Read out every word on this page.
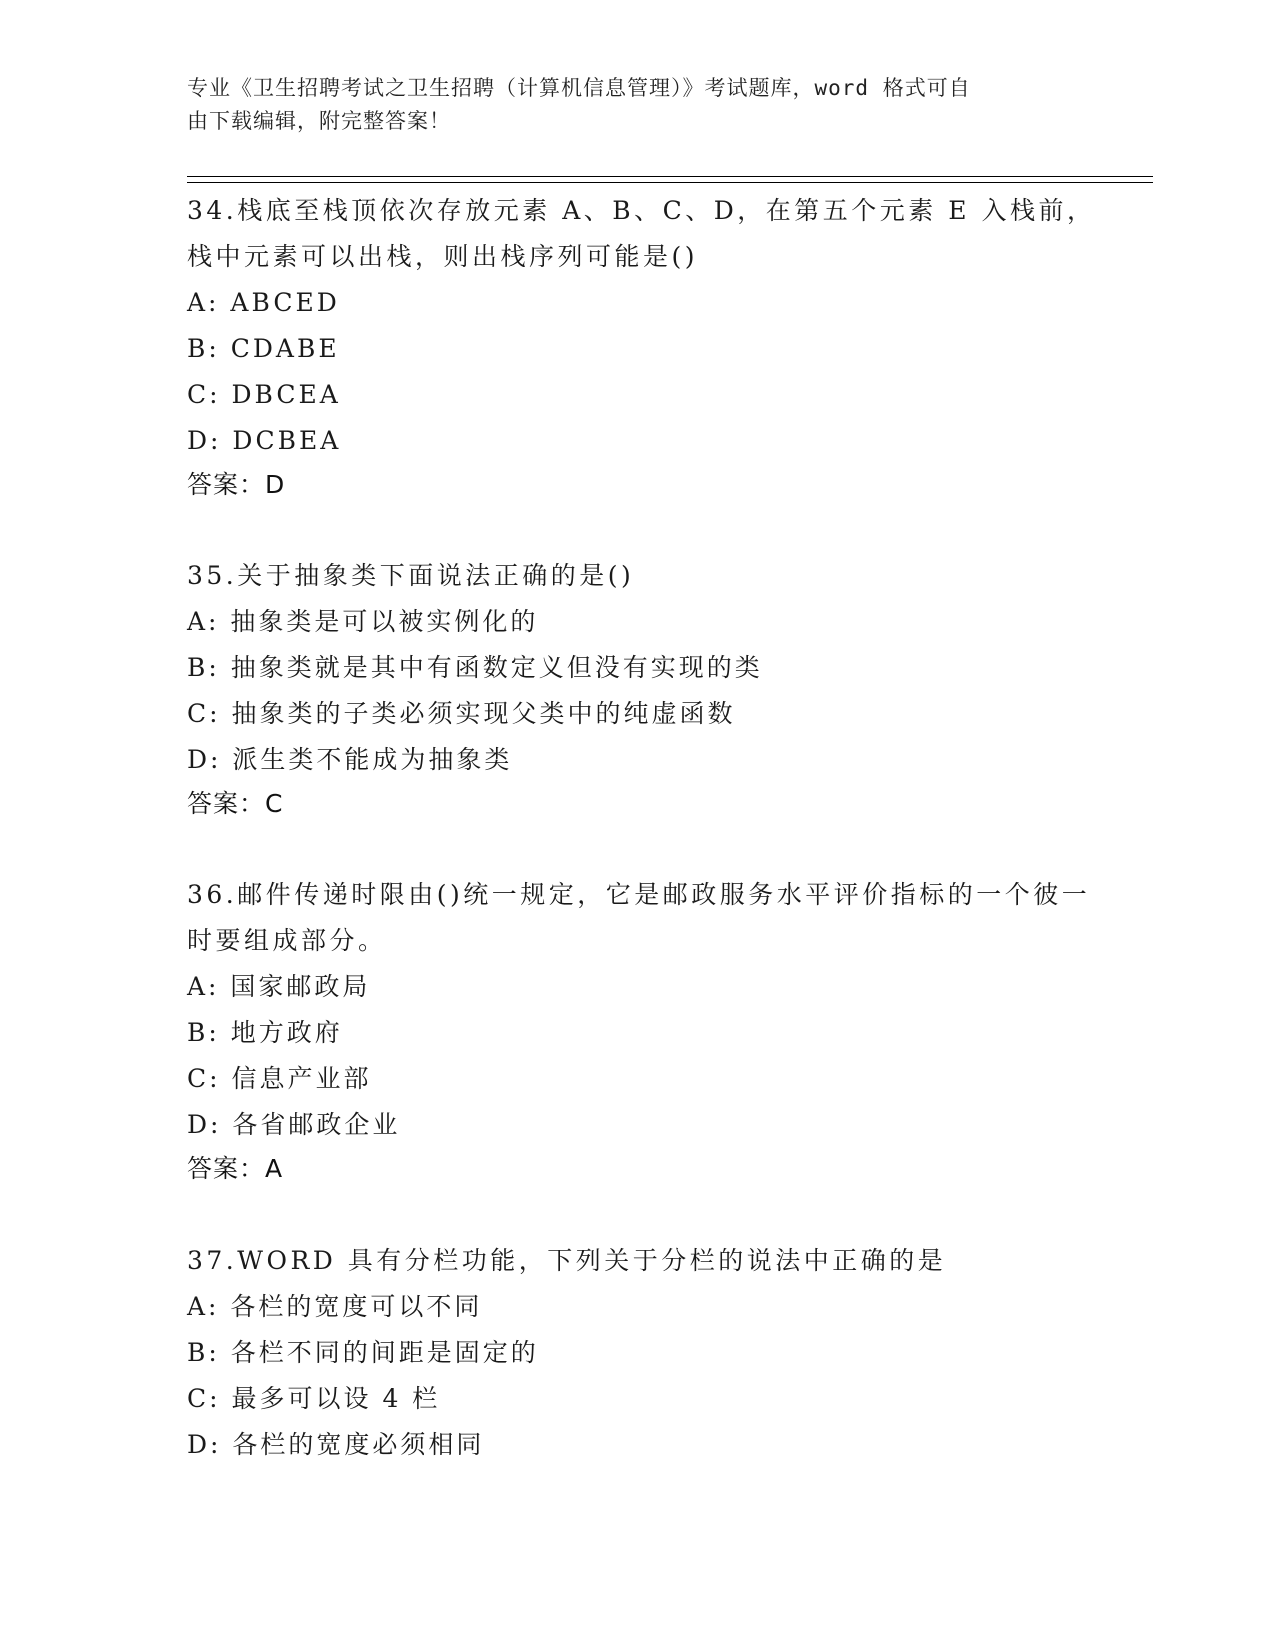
专业《卫生招聘考试之卫生招聘（计算机信息管理）》考试题库，word 格式可自
由下载编辑，附完整答案！

34.栈底至栈顶依次存放元素 A、B、C、D，在第五个元素 E 入栈前，栈中元素可以出栈，则出栈序列可能是()

A: ABCED

B: CDABE

C: DBCEA

D: DCBEA

答案：D

35.关于抽象类下面说法正确的是()

A: 抽象类是可以被实例化的

B: 抽象类就是其中有函数定义但没有实现的类

C: 抽象类的子类必须实现父类中的纯虚函数

D: 派生类不能成为抽象类

答案：C

36.邮件传递时限由()统一规定，它是邮政服务水平评价指标的一个彼一时要组成部分。

A: 国家邮政局

B: 地方政府

C: 信息产业部

D: 各省邮政企业

答案：A

37.WORD 具有分栏功能，下列关于分栏的说法中正确的是

A: 各栏的宽度可以不同

B: 各栏不同的间距是固定的

C: 最多可以设 4 栏

D: 各栏的宽度必须相同
